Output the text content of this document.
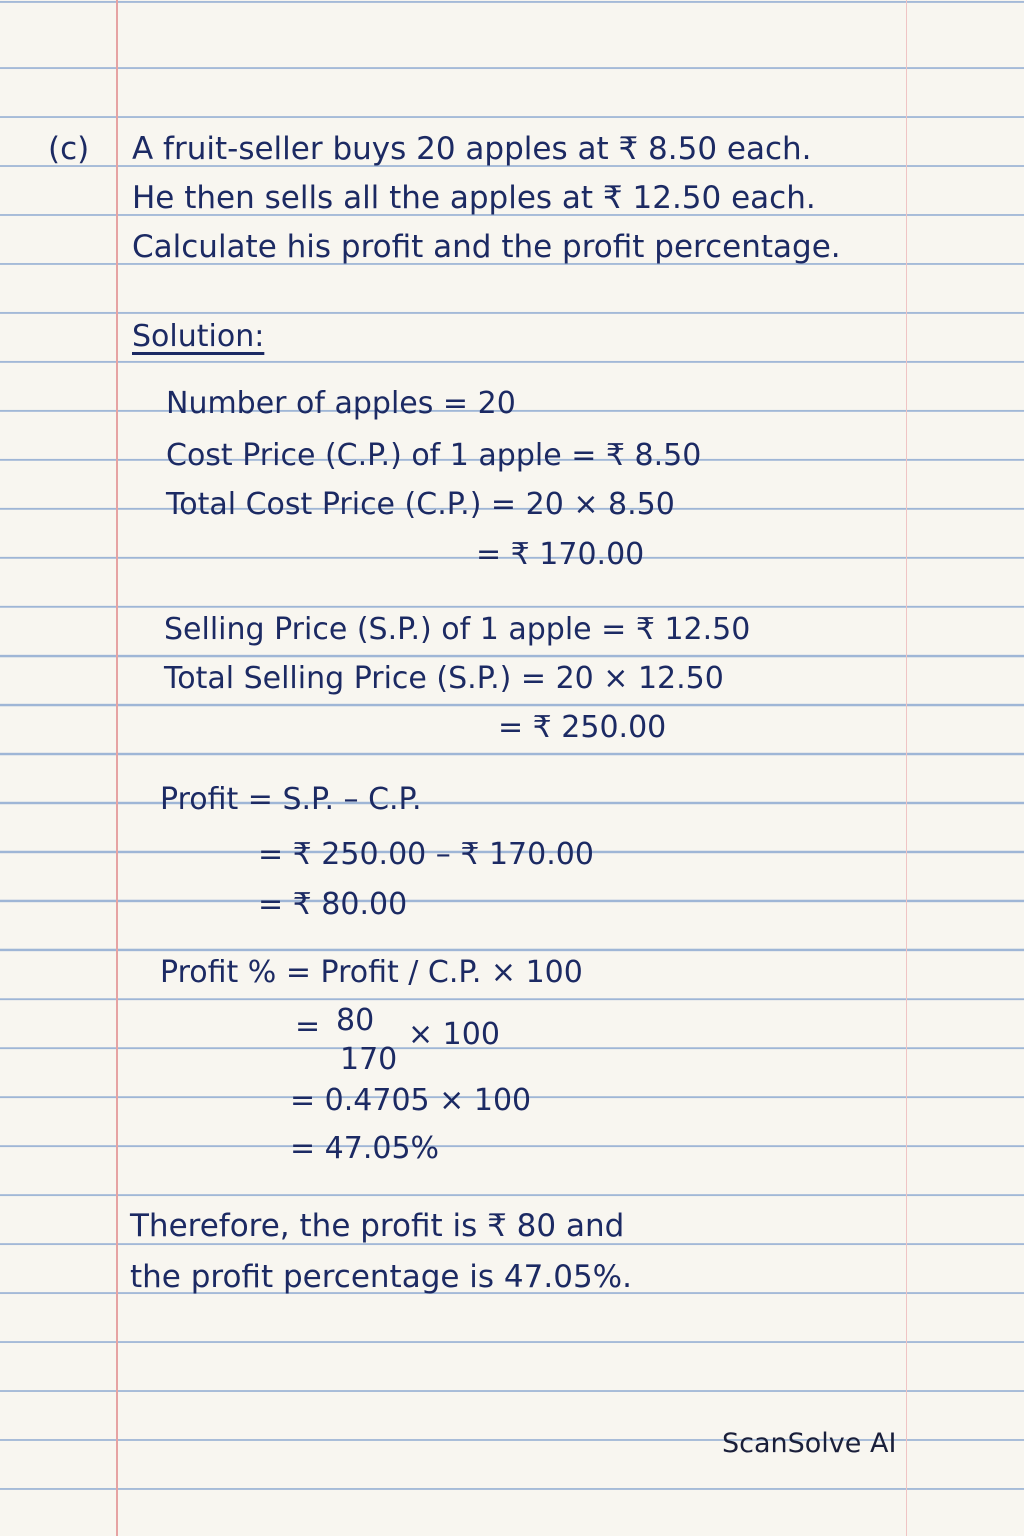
(c) A fruit-seller buys 20 apples at ₹ 8.50 each.
He then sells all the apples at ₹ 12.50 each.
Calculate his profit and the profit percentage.
Solution:
Number of apples = 20
Cost Price (C.P.) of 1 apple = ₹ 8.50
Total Cost Price (C.P.) = 20 × 8.50
= ₹ 170.00
Selling Price (S.P.) of 1 apple = ₹ 12.50
Total Selling Price (S.P.) = 20 × 12.50
= ₹ 250.00
Profit = S.P. – C.P.
= ₹ 250.00 – ₹ 170.00
= ₹ 80.00
Profit % = Profit / C.P. × 100
= 80
170
× 100
= 0.4705 × 100
= 47.05%
Therefore, the profit is ₹ 80 and
the profit percentage is 47.05%.
ScanSolve AI
